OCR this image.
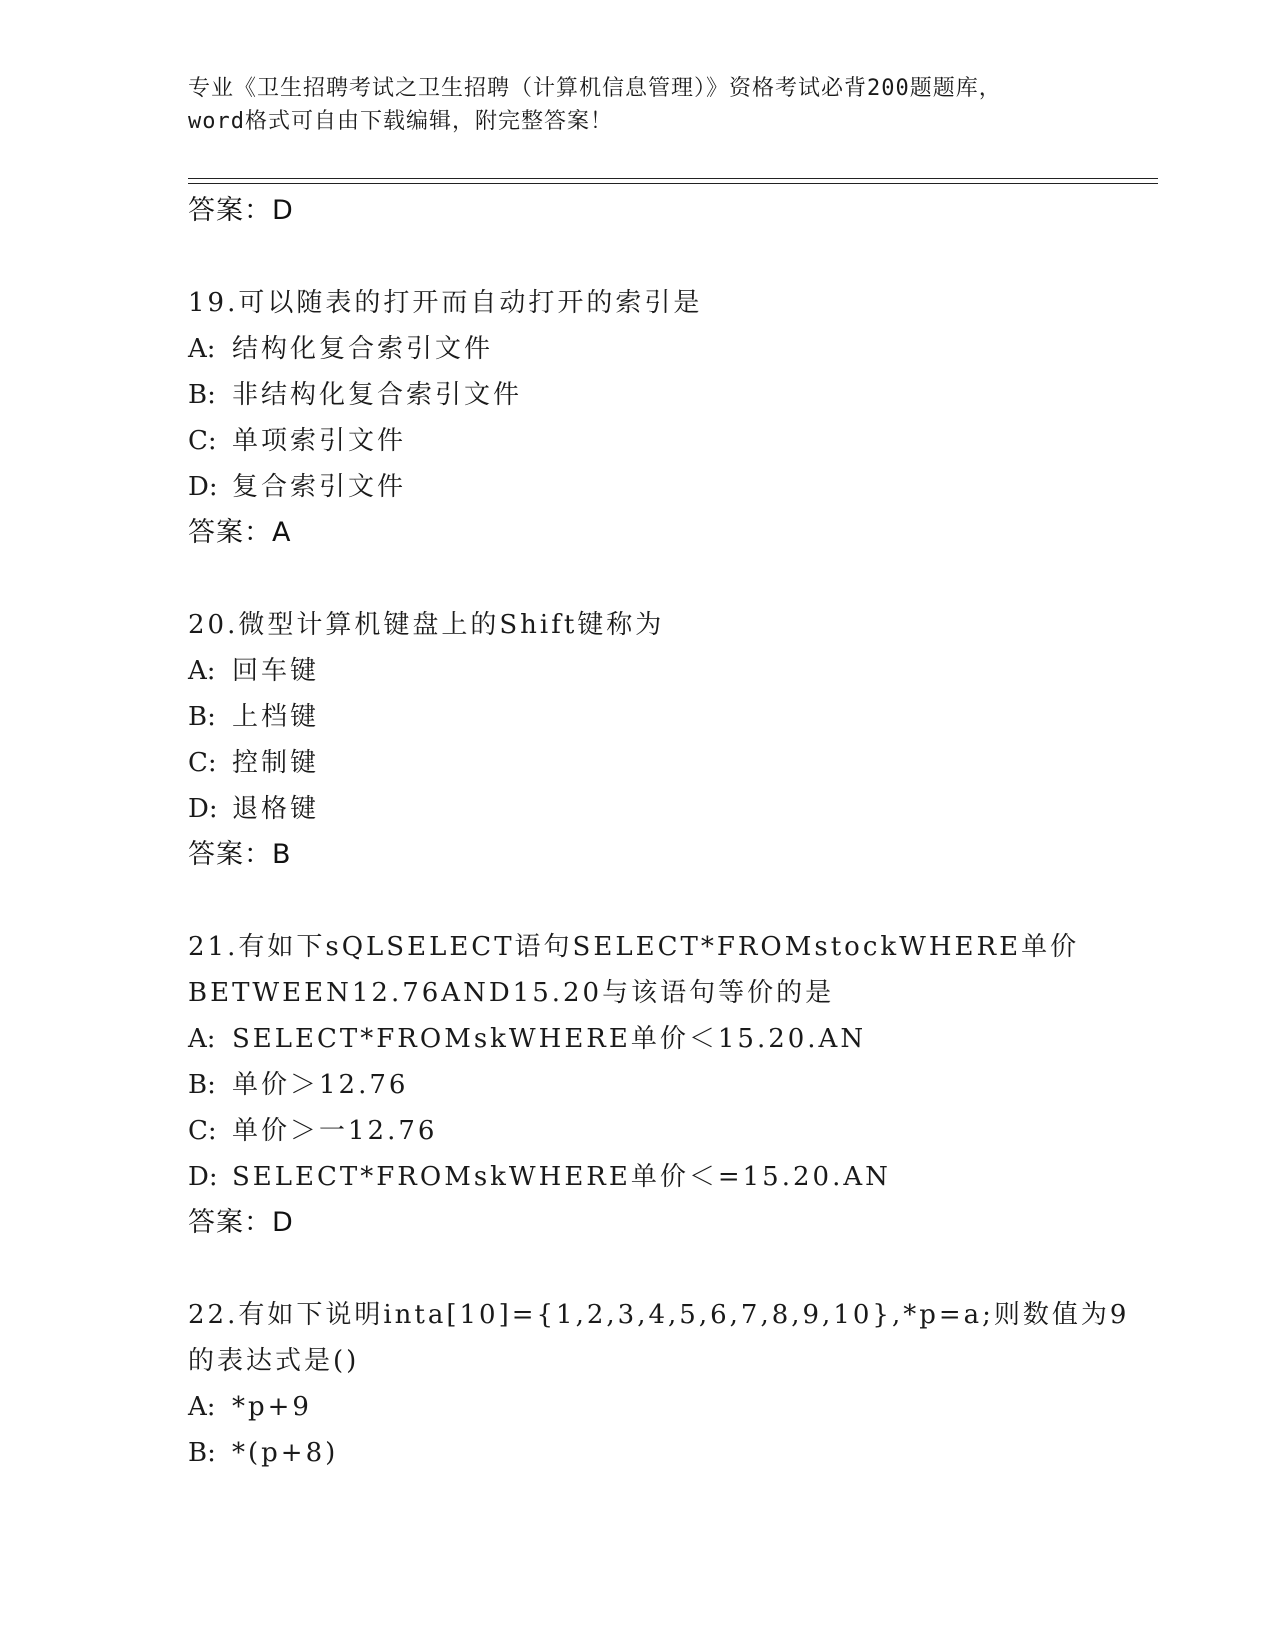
专业《卫生招聘考试之卫生招聘（计算机信息管理）》资格考试必背200题题库，
word格式可自由下载编辑，附完整答案！
答案：D
19.可以随表的打开而自动打开的索引是
A: 结构化复合索引文件
B: 非结构化复合索引文件
C: 单项索引文件
D: 复合索引文件
答案：A
20.微型计算机键盘上的Shift键称为
A: 回车键
B: 上档键
C: 控制键
D: 退格键
答案：B
21.有如下sQLSELECT语句SELECT*FROMstockWHERE单价
BETWEEN12.76AND15.20与该语句等价的是
A: SELECT*FROMskWHERE单价＜15.20.AN
B: 单价＞12.76
C: 单价＞一12.76
D: SELECT*FROMskWHERE单价＜=15.20.AN
答案：D
22.有如下说明inta[10]={1,2,3,4,5,6,7,8,9,10},*p=a;则数值为9
的表达式是()
A: *p+9
B: *(p+8)
